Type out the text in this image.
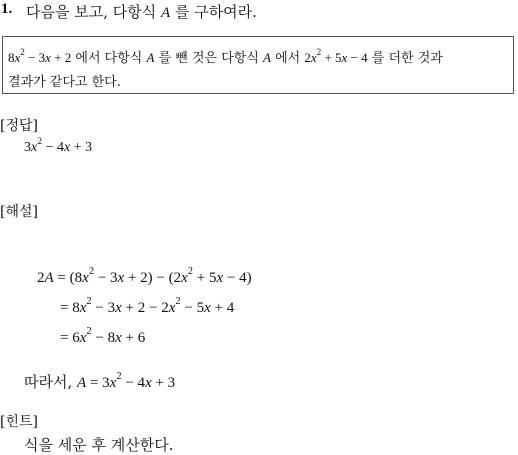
1. 다음을 보고, 다항식 A 를 구하여라.
$8x^2 - 3x + 2$ 에서 다항식 A 를 뺀 것은 다항식 A 에서 $2x^2 + 5x - 4$ 를 더한 것과
결과가 같다고 한다.
[정답]
$3x^2 - 4x + 3$
[해설]
$2A = (8x^2 - 3x + 2) - (2x^2 + 5x - 4)$
= $8x^2 - 3x + 2 - 2x^2 - 5x + 4$
= $6x^2 - 8x + 6$
따라서, $A = 3x^2 - 4x + 3$
[힌트]
식을 세운 후 계산한다.
